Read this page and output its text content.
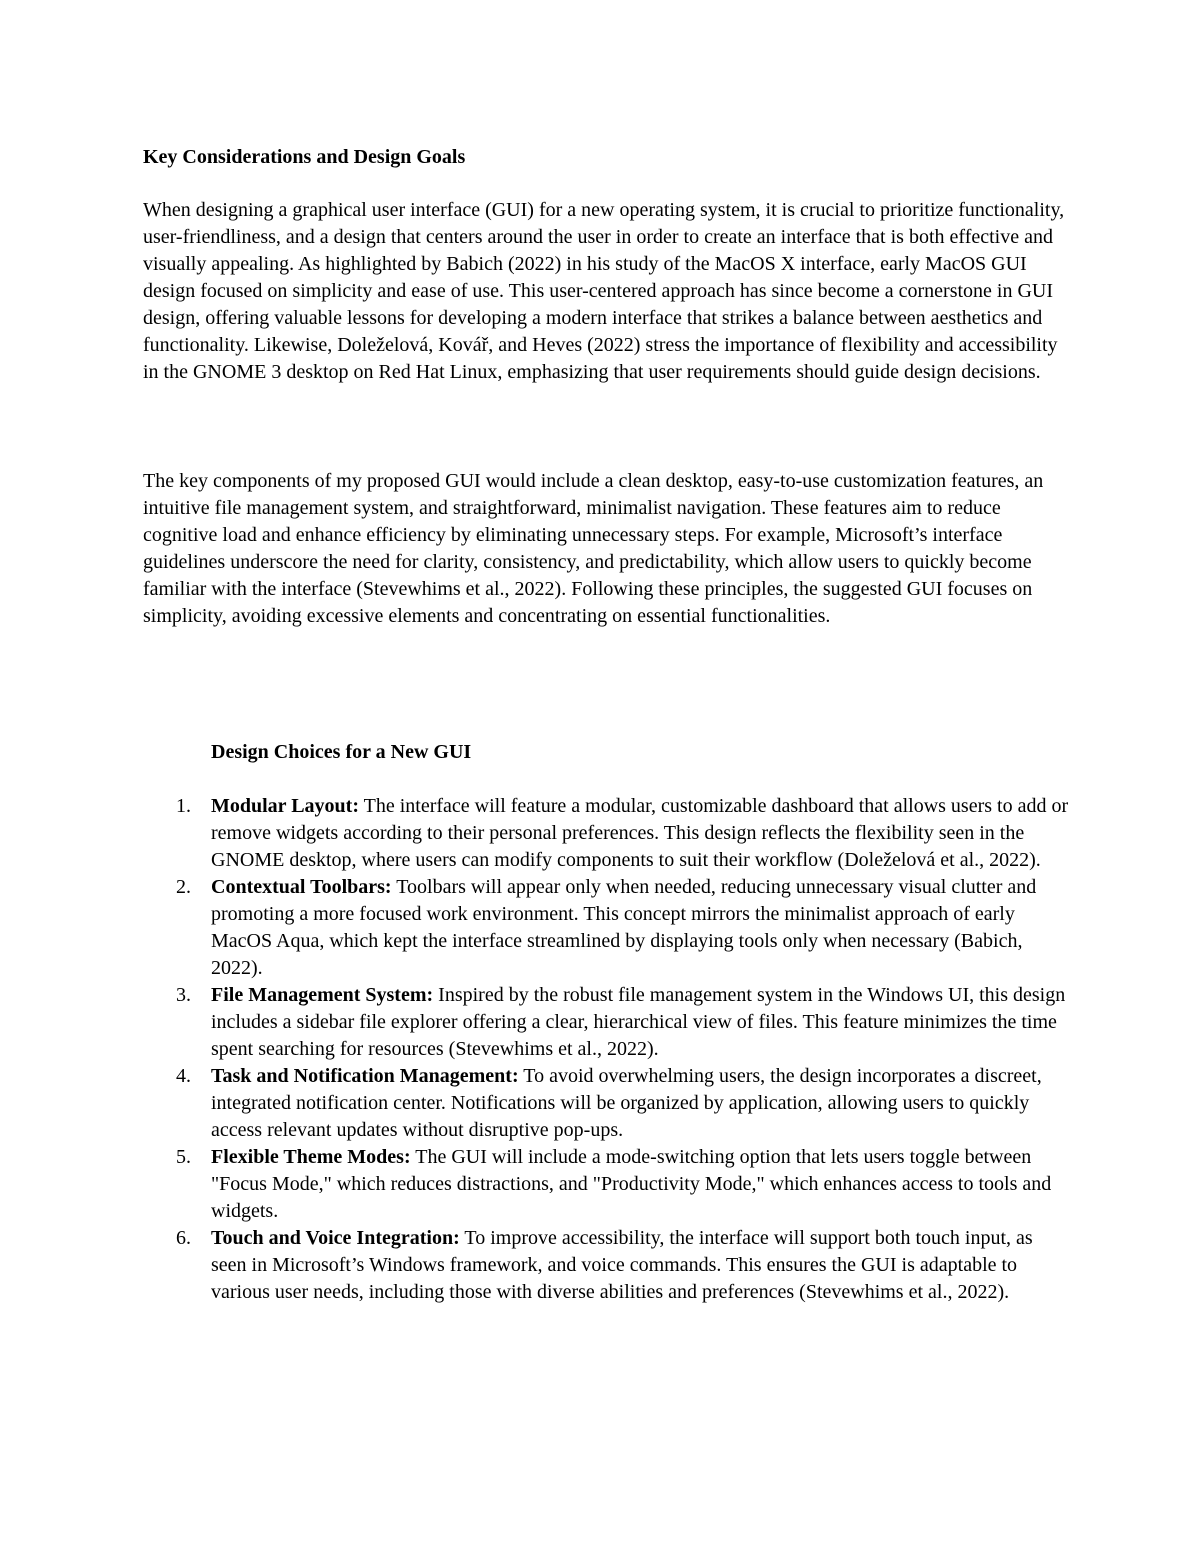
Key Considerations and Design Goals

When designing a graphical user interface (GUI) for a new operating system, it is crucial to prioritize functionality, user-friendliness, and a design that centers around the user in order to create an interface that is both effective and visually appealing. As highlighted by Babich (2022) in his study of the MacOS X interface, early MacOS GUI design focused on simplicity and ease of use. This user-centered approach has since become a cornerstone in GUI design, offering valuable lessons for developing a modern interface that strikes a balance between aesthetics and functionality. Likewise, Doleželová, Kovář, and Heves (2022) stress the importance of flexibility and accessibility in the GNOME 3 desktop on Red Hat Linux, emphasizing that user requirements should guide design decisions.

The key components of my proposed GUI would include a clean desktop, easy-to-use customization features, an intuitive file management system, and straightforward, minimalist navigation. These features aim to reduce cognitive load and enhance efficiency by eliminating unnecessary steps. For example, Microsoft’s interface guidelines underscore the need for clarity, consistency, and predictability, which allow users to quickly become familiar with the interface (Stevewhims et al., 2022). Following these principles, the suggested GUI focuses on simplicity, avoiding excessive elements and concentrating on essential functionalities.

Design Choices for a New GUI
1. Modular Layout: The interface will feature a modular, customizable dashboard that allows users to add or remove widgets according to their personal preferences. This design reflects the flexibility seen in the GNOME desktop, where users can modify components to suit their workflow (Doleželová et al., 2022).
2. Contextual Toolbars: Toolbars will appear only when needed, reducing unnecessary visual clutter and promoting a more focused work environment. This concept mirrors the minimalist approach of early MacOS Aqua, which kept the interface streamlined by displaying tools only when necessary (Babich, 2022).
3. File Management System: Inspired by the robust file management system in the Windows UI, this design includes a sidebar file explorer offering a clear, hierarchical view of files. This feature minimizes the time spent searching for resources (Stevewhims et al., 2022).
4. Task and Notification Management: To avoid overwhelming users, the design incorporates a discreet, integrated notification center. Notifications will be organized by application, allowing users to quickly access relevant updates without disruptive pop-ups.
5. Flexible Theme Modes: The GUI will include a mode-switching option that lets users toggle between "Focus Mode," which reduces distractions, and "Productivity Mode," which enhances access to tools and widgets.
6. Touch and Voice Integration: To improve accessibility, the interface will support both touch input, as seen in Microsoft’s Windows framework, and voice commands. This ensures the GUI is adaptable to various user needs, including those with diverse abilities and preferences (Stevewhims et al., 2022).
